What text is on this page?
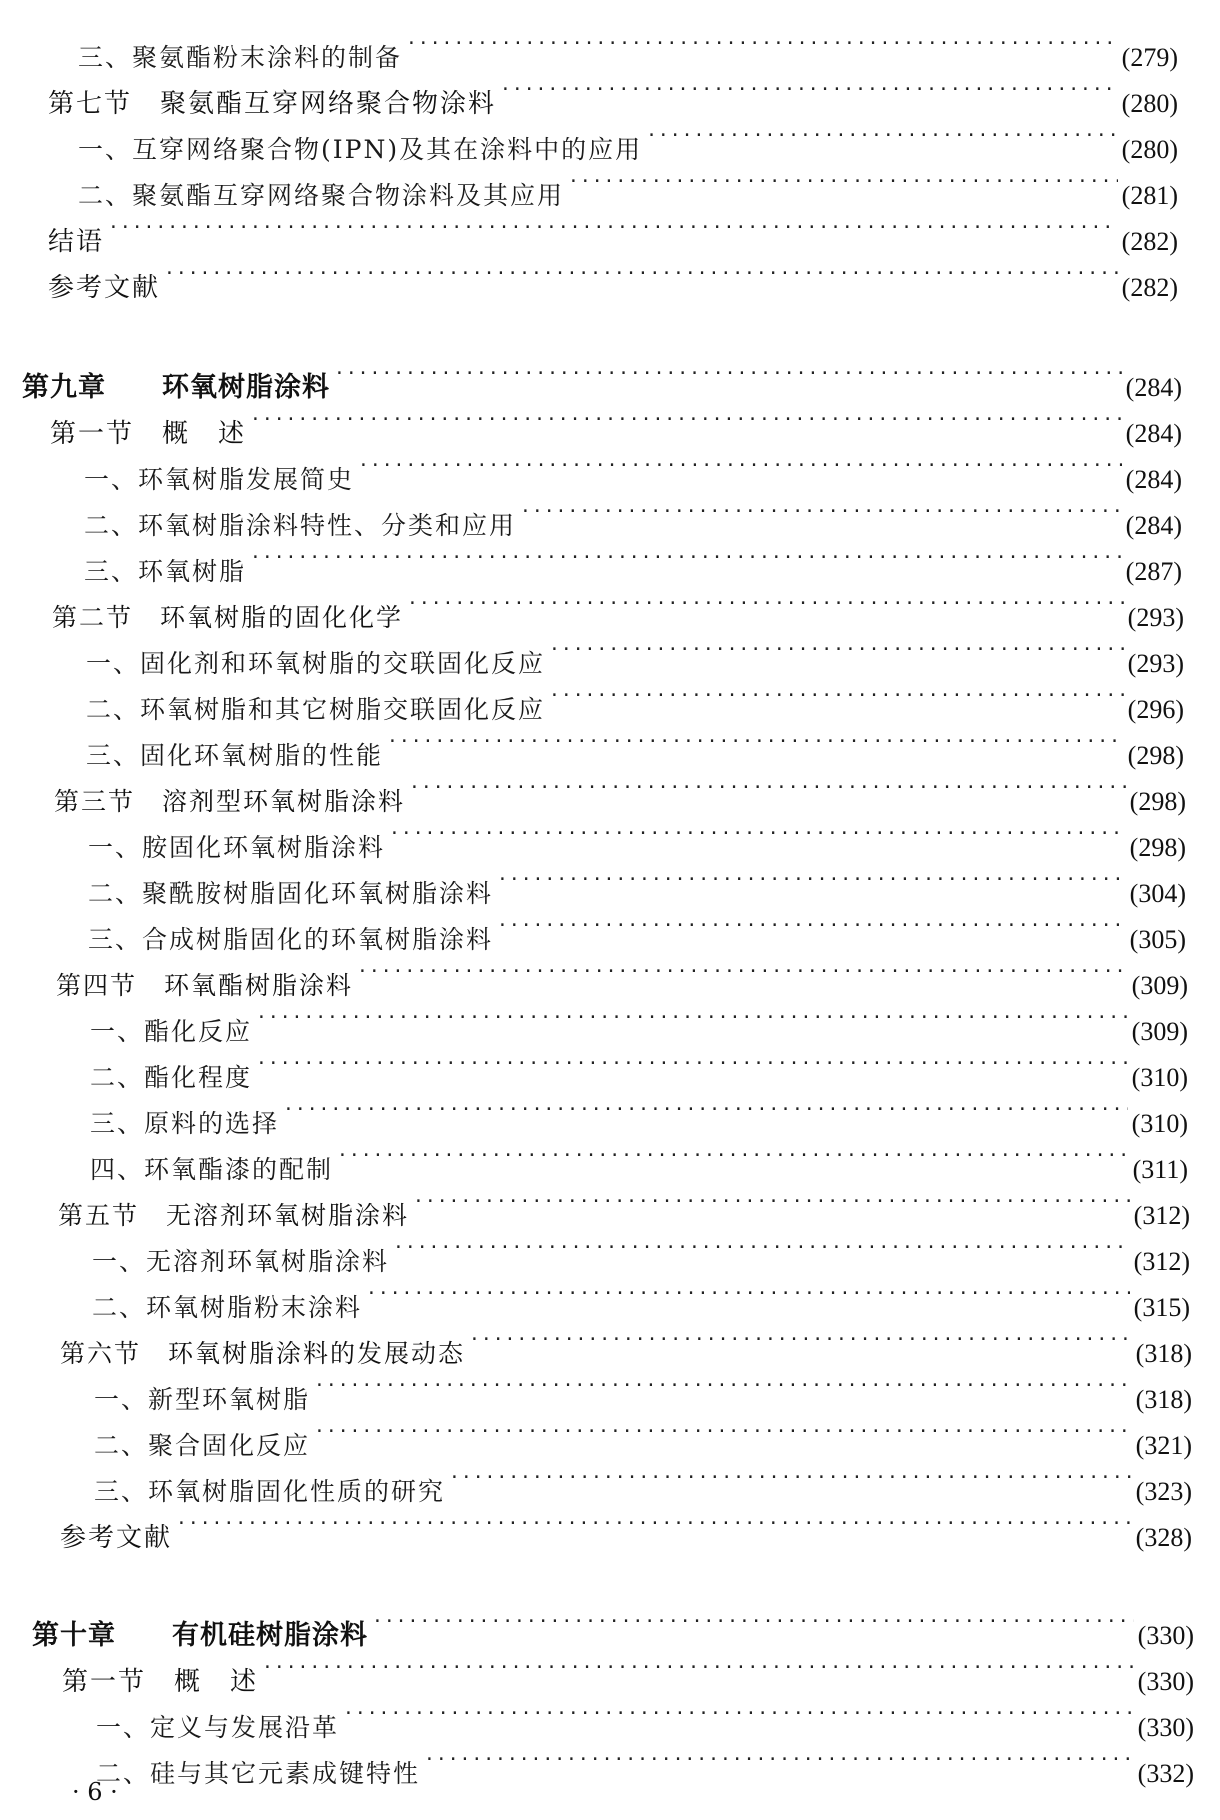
三、聚氨酯粉末涂料的制备 ·····	(279)
第七节　聚氨酯互穿网络聚合物涂料 ·····	(280)
一、互穿网络聚合物(IPN)及其在涂料中的应用 ·····	(280)
二、聚氨酯互穿网络聚合物涂料及其应用 ·····	(281)
结语 ·····	(282)
参考文献 ·····	(282)
第九章　　环氧树脂涂料 ·····	(284)
第一节　概　述 ·····	(284)
一、环氧树脂发展简史 ·····	(284)
二、环氧树脂涂料特性、分类和应用 ·····	(284)
三、环氧树脂 ·····	(287)
第二节　环氧树脂的固化化学 ·····	(293)
一、固化剂和环氧树脂的交联固化反应 ·····	(293)
二、环氧树脂和其它树脂交联固化反应 ·····	(296)
三、固化环氧树脂的性能 ·····	(298)
第三节　溶剂型环氧树脂涂料 ·····	(298)
一、胺固化环氧树脂涂料 ·····	(298)
二、聚酰胺树脂固化环氧树脂涂料 ·····	(304)
三、合成树脂固化的环氧树脂涂料 ·····	(305)
第四节　环氧酯树脂涂料 ·····	(309)
一、酯化反应 ·····	(309)
二、酯化程度 ·····	(310)
三、原料的选择 ·····	(310)
四、环氧酯漆的配制 ·····	(311)
第五节　无溶剂环氧树脂涂料 ·····	(312)
一、无溶剂环氧树脂涂料 ·····	(312)
二、环氧树脂粉末涂料 ·····	(315)
第六节　环氧树脂涂料的发展动态 ·····	(318)
一、新型环氧树脂 ·····	(318)
二、聚合固化反应 ·····	(321)
三、环氧树脂固化性质的研究 ·····	(323)
参考文献 ·····	(328)
第十章　　有机硅树脂涂料 ·····	(330)
第一节　概　述 ·····	(330)
一、定义与发展沿革 ·····	(330)
二、硅与其它元素成键特性 ·····	(332)
· 6 ·
